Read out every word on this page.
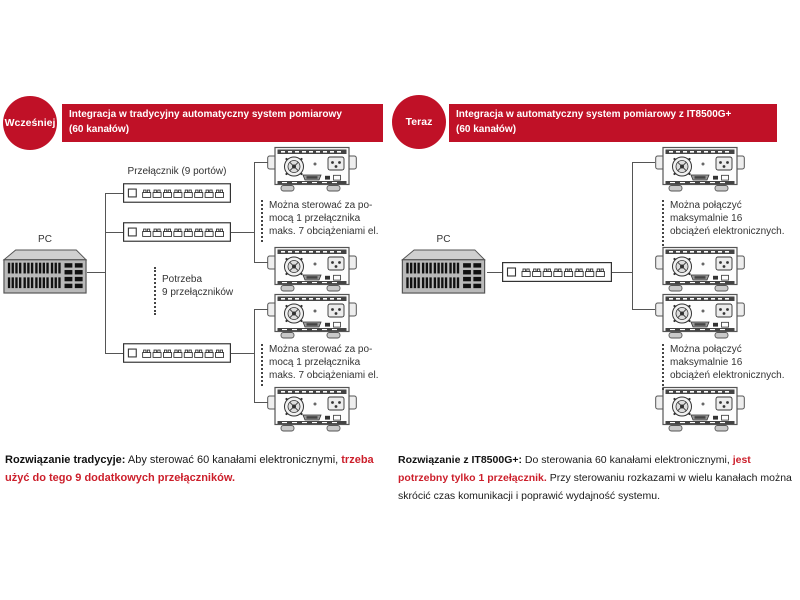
Wcześniej
Integracja w tradycyjny automatyczny system pomiarowy
(60 kanałów)
Teraz
Integracja w automatyczny system pomiarowy z IT8500G+
(60 kanałów)
PC
Przełącznik (9 portów)
Potrzeba
9 przełączników
Można sterować za po-
mocą 1 przełącznika
maks. 7 obciążeniami el.
Można sterować za po-
mocą 1 przełącznika
maks. 7 obciążeniami el.
PC
Można połączyć
maksymalnie 16
obciążeń elektronicznych.
Można połączyć
maksymalnie 16
obciążeń elektronicznych.
Rozwiązanie tradycyje: Aby sterować 60 kanałami elektronicznymi, trzeba użyć do tego 9 dodatkowych przełączników.
Rozwiązanie z IT8500G+: Do sterowania 60 kanałami elektronicznymi, jest potrzebny tylko 1 przełącznik. Przy sterowaniu rozkazami w wielu kanałach można skrócić czas komunikacji i poprawić wydajność systemu.
